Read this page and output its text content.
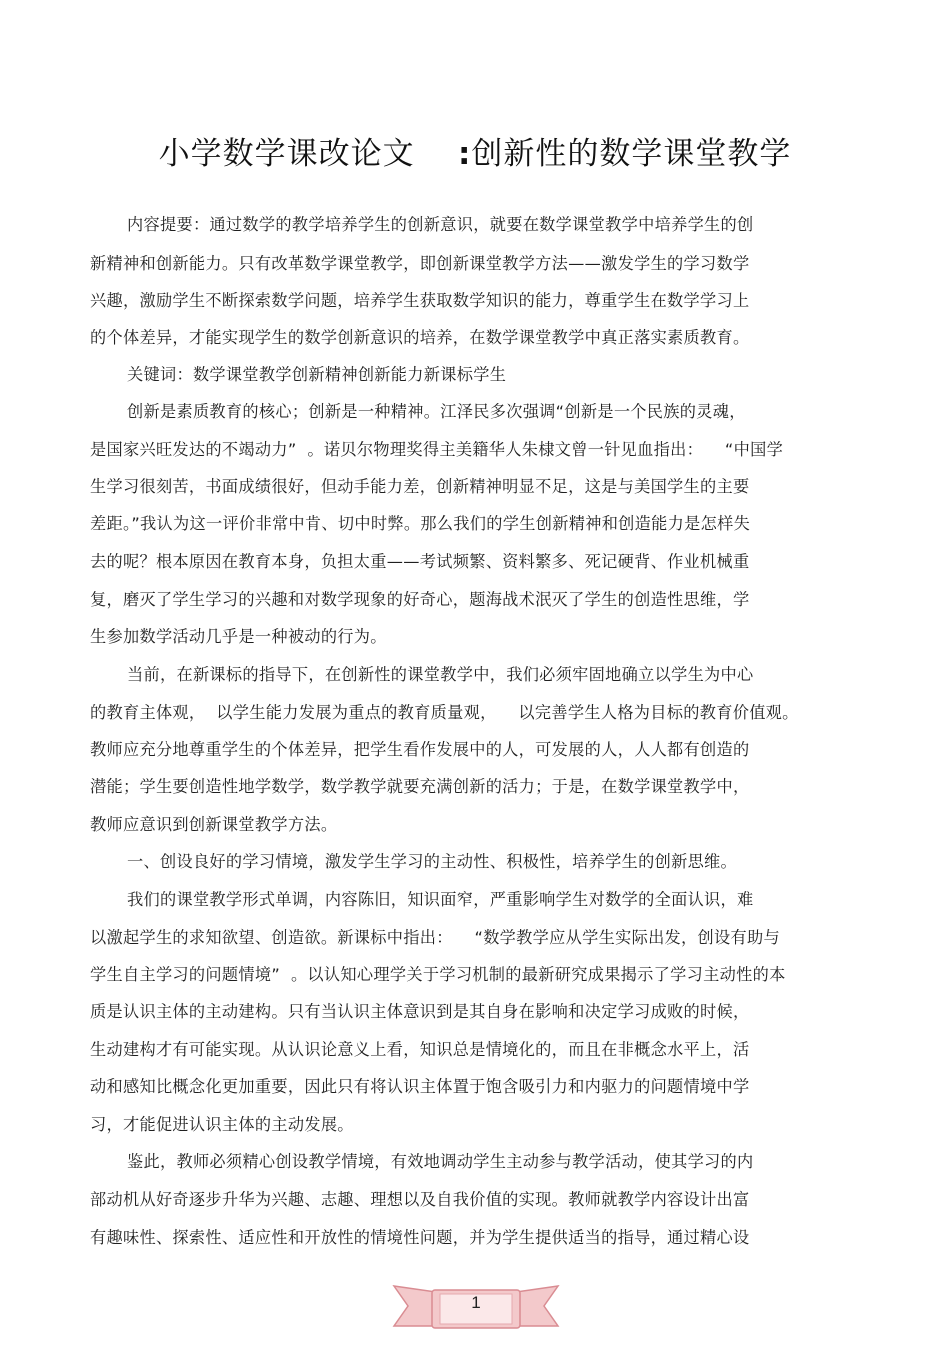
小学数学课改论文 :创新性的数学课堂教学
内容提要：通过数学的教学培养学生的创新意识，就要在数学课堂教学中培养学生的创
新精神和创新能力。只有改革数学课堂教学，即创新课堂教学方法——激发学生的学习数学
兴趣，激励学生不断探索数学问题，培养学生获取数学知识的能力，尊重学生在数学学习上
的个体差异，才能实现学生的数学创新意识的培养，在数学课堂教学中真正落实素质教育。
关键词：数学课堂教学创新精神创新能力新课标学生
创新是素质教育的核心；创新是一种精神。江泽民多次强调“创新是一个民族的灵魂，
是国家兴旺发达的不竭动力”  。诺贝尔物理奖得主美籍华人朱棣文曾一针见血指出：    “中国学
生学习很刻苦，书面成绩很好，但动手能力差，创新精神明显不足，这是与美国学生的主要
差距。”我认为这一评价非常中肯、切中时弊。那么我们的学生创新精神和创造能力是怎样失
去的呢？根本原因在教育本身，负担太重——考试频繁、资料繁多、死记硬背、作业机械重
复，磨灭了学生学习的兴趣和对数学现象的好奇心，题海战术泯灭了学生的创造性思维，学
生参加数学活动几乎是一种被动的行为。
当前，在新课标的指导下，在创新性的课堂教学中，我们必须牢固地确立以学生为中心
的教育主体观，  以学生能力发展为重点的教育质量观，    以完善学生人格为目标的教育价值观。
教师应充分地尊重学生的个体差异，把学生看作发展中的人，可发展的人，人人都有创造的
潜能；学生要创造性地学数学，数学教学就要充满创新的活力；于是，在数学课堂教学中，
教师应意识到创新课堂教学方法。
一、创设良好的学习情境，激发学生学习的主动性、积极性，培养学生的创新思维。
我们的课堂教学形式单调，内容陈旧，知识面窄，严重影响学生对数学的全面认识，难
以激起学生的求知欲望、创造欲。新课标中指出：    “数学教学应从学生实际出发，创设有助与
学生自主学习的问题情境”  。以认知心理学关于学习机制的最新研究成果揭示了学习主动性的本
质是认识主体的主动建构。只有当认识主体意识到是其自身在影响和决定学习成败的时候，
生动建构才有可能实现。从认识论意义上看，知识总是情境化的，而且在非概念水平上，活
动和感知比概念化更加重要，因此只有将认识主体置于饱含吸引力和内驱力的问题情境中学
习，才能促进认识主体的主动发展。
鉴此，教师必须精心创设教学情境，有效地调动学生主动参与教学活动，使其学习的内
部动机从好奇逐步升华为兴趣、志趣、理想以及自我价值的实现。教师就教学内容设计出富
有趣味性、探索性、适应性和开放性的情境性问题，并为学生提供适当的指导，通过精心设
1
